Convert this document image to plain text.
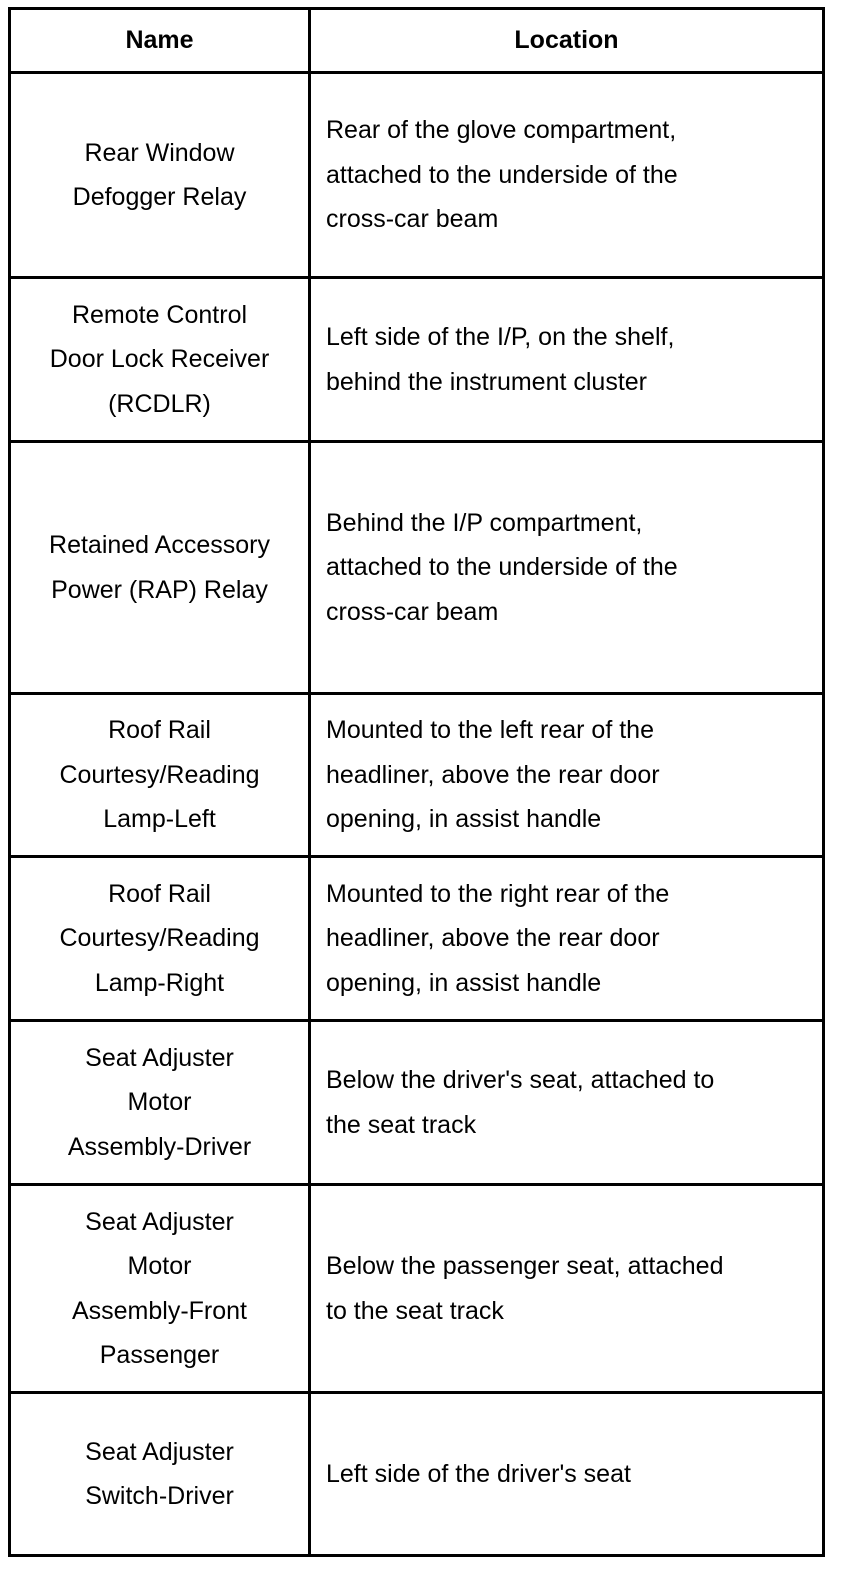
Name	Location

Rear Window
Defogger Relay	Rear of the glove compartment,
attached to the underside of the
cross-car beam

Remote Control
Door Lock Receiver
(RCDLR)	Left side of the I/P, on the shelf,
behind the instrument cluster

Retained Accessory
Power (RAP) Relay	Behind the I/P compartment,
attached to the underside of the
cross-car beam

Roof Rail
Courtesy/Reading
Lamp-Left	Mounted to the left rear of the
headliner, above the rear door
opening, in assist handle

Roof Rail
Courtesy/Reading
Lamp-Right	Mounted to the right rear of the
headliner, above the rear door
opening, in assist handle

Seat Adjuster
Motor
Assembly-Driver	Below the driver's seat, attached to
the seat track

Seat Adjuster
Motor
Assembly-Front
Passenger	Below the passenger seat, attached
to the seat track

Seat Adjuster
Switch-Driver	Left side of the driver's seat
